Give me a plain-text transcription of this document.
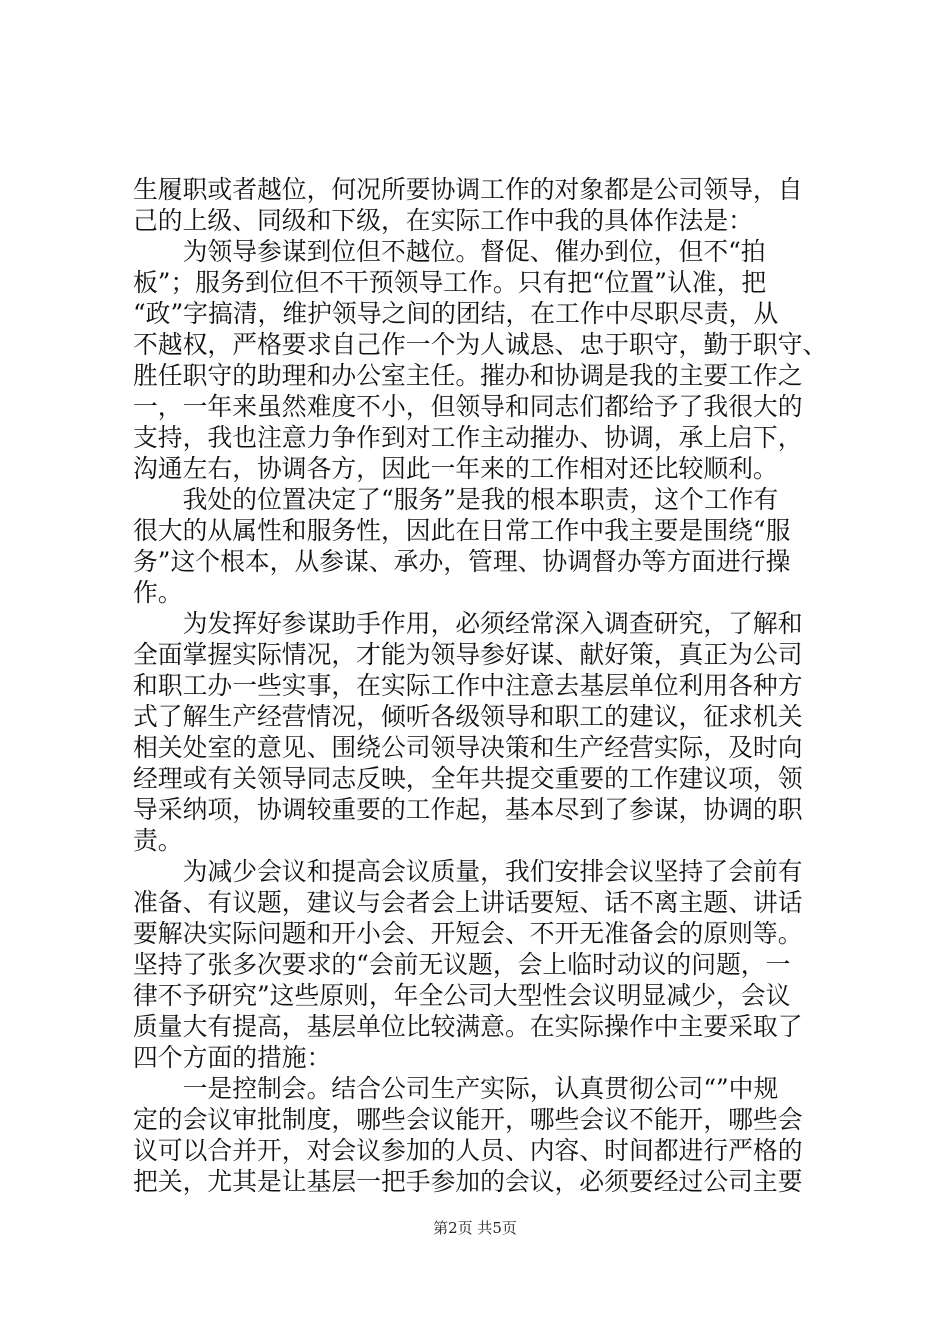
生履职或者越位，何况所要协调工作的对象都是公司领导，自
己的上级、同级和下级，在实际工作中我的具体作法是：
　　为领导参谋到位但不越位。督促、催办到位，但不“拍
板”；服务到位但不干预领导工作。只有把“位置”认准，把
“政”字搞清，维护领导之间的团结，在工作中尽职尽责，从
不越权，严格要求自己作一个为人诚恳、忠于职守，勤于职守、
胜任职守的助理和办公室主任。摧办和协调是我的主要工作之
一，一年来虽然难度不小，但领导和同志们都给予了我很大的
支持，我也注意力争作到对工作主动摧办、协调，承上启下，
沟通左右，协调各方，因此一年来的工作相对还比较顺利。
　　我处的位置决定了“服务”是我的根本职责，这个工作有
很大的从属性和服务性，因此在日常工作中我主要是围绕“服
务”这个根本，从参谋、承办，管理、协调督办等方面进行操
作。
　　为发挥好参谋助手作用，必须经常深入调查研究，了解和
全面掌握实际情况，才能为领导参好谋、献好策，真正为公司
和职工办一些实事，在实际工作中注意去基层单位利用各种方
式了解生产经营情况，倾听各级领导和职工的建议，征求机关
相关处室的意见、围绕公司领导决策和生产经营实际，及时向
经理或有关领导同志反映，全年共提交重要的工作建议项，领
导采纳项，协调较重要的工作起，基本尽到了参谋，协调的职
责。
　　为减少会议和提高会议质量，我们安排会议坚持了会前有
准备、有议题，建议与会者会上讲话要短、话不离主题、讲话
要解决实际问题和开小会、开短会、不开无准备会的原则等。
坚持了张多次要求的“会前无议题，会上临时动议的问题，一
律不予研究”这些原则，年全公司大型性会议明显减少，会议
质量大有提高，基层单位比较满意。在实际操作中主要采取了
四个方面的措施：
　　一是控制会。结合公司生产实际，认真贯彻公司“”中规
定的会议审批制度，哪些会议能开，哪些会议不能开，哪些会
议可以合并开，对会议参加的人员、内容、时间都进行严格的
把关，尤其是让基层一把手参加的会议，必须要经过公司主要
第2页 共5页
